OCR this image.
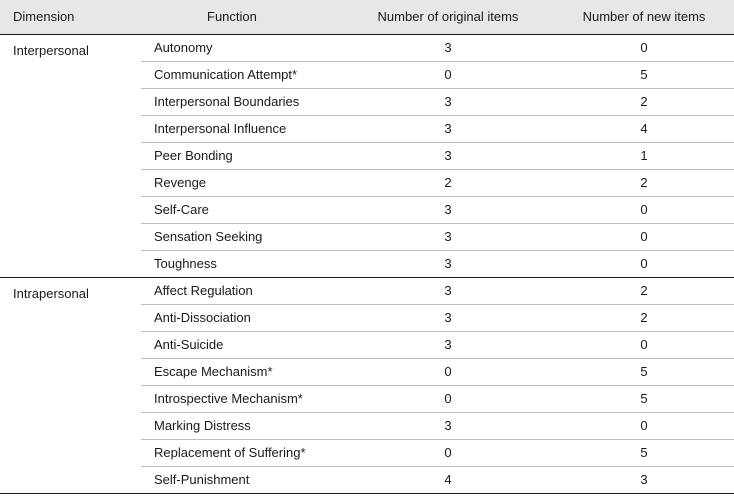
Dimension	Function	Number of original items	Number of new items
Interpersonal	Autonomy	3	0
	Communication Attempt*	0	5
	Interpersonal Boundaries	3	2
	Interpersonal Influence	3	4
	Peer Bonding	3	1
	Revenge	2	2
	Self-Care	3	0
	Sensation Seeking	3	0
	Toughness	3	0
Intrapersonal	Affect Regulation	3	2
	Anti-Dissociation	3	2
	Anti-Suicide	3	0
	Escape Mechanism*	0	5
	Introspective Mechanism*	0	5
	Marking Distress	3	0
	Replacement of Suffering*	0	5
	Self-Punishment	4	3
